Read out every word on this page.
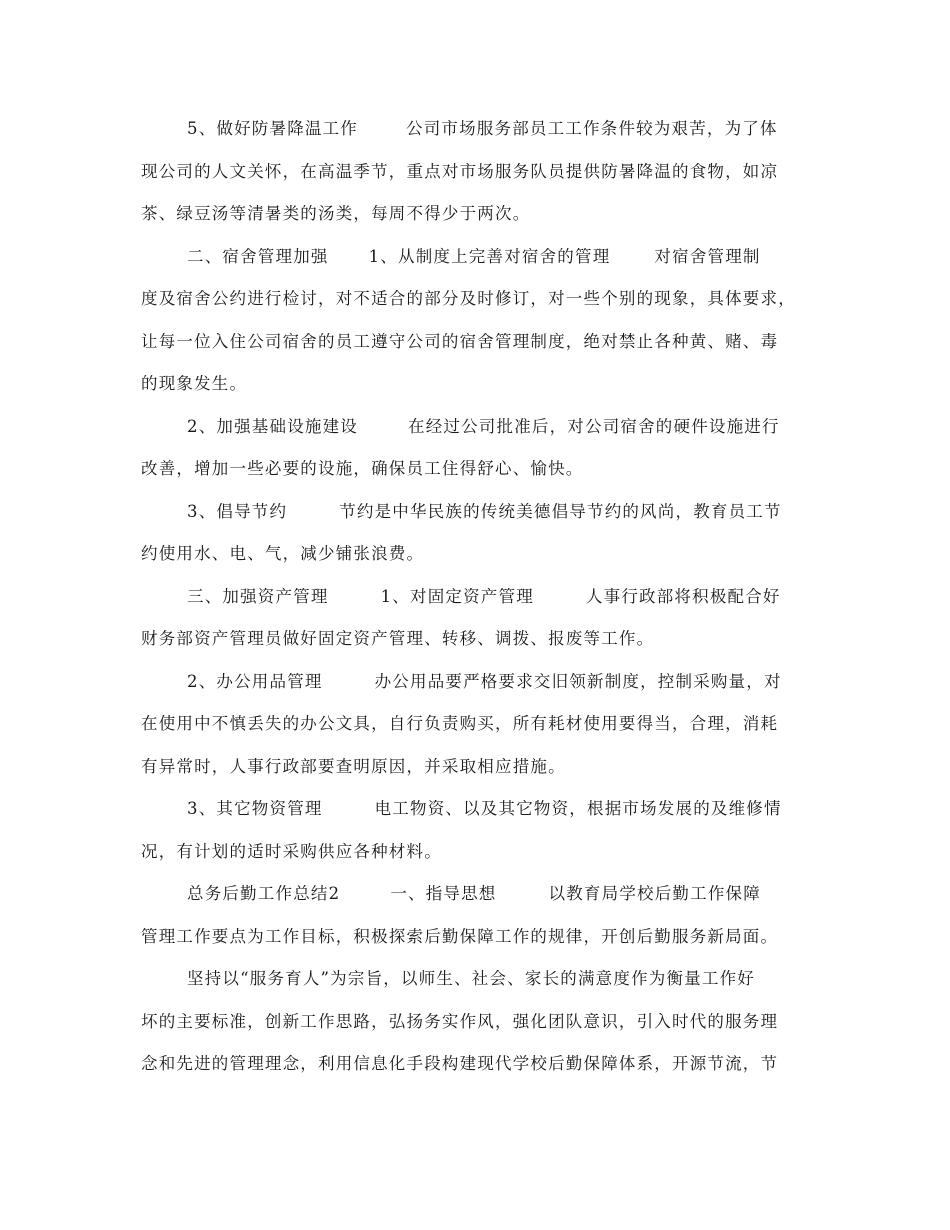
5、做好防暑降温工作	公司市场服务部员工工作条件较为艰苦，为了体
现公司的人文关怀，在高温季节，重点对市场服务队员提供防暑降温的食物，如凉
茶、绿豆汤等清暑类的汤类，每周不得少于两次。
二、宿舍管理加强 1、从制度上完善对宿舍的管理	对宿舍管理制
度及宿舍公约进行检讨，对不适合的部分及时修订，对一些个别的现象，具体要求，
让每一位入住公司宿舍的员工遵守公司的宿舍管理制度，绝对禁止各种黄、赌、毒
的现象发生。
2、加强基础设施建设	在经过公司批准后，对公司宿舍的硬件设施进行
改善，增加一些必要的设施，确保员工住得舒心、愉快。
3、倡导节约	节约是中华民族的传统美德倡导节约的风尚，教育员工节
约使用水、电、气，减少铺张浪费。
三、加强资产管理	1、对固定资产管理	人事行政部将积极配合好
财务部资产管理员做好固定资产管理、转移、调拨、报废等工作。
2、办公用品管理	办公用品要严格要求交旧领新制度，控制采购量，对
在使用中不慎丢失的办公文具，自行负责购买，所有耗材使用要得当，合理，消耗
有异常时，人事行政部要查明原因，并采取相应措施。
3、其它物资管理	电工物资、以及其它物资，根据市场发展的及维修情
况，有计划的适时采购供应各种材料。
总务后勤工作总结2	一、指导思想	以教育局学校后勤工作保障
管理工作要点为工作目标，积极探索后勤保障工作的规律，开创后勤服务新局面。
坚持以“服务育人”为宗旨，以师生、社会、家长的满意度作为衡量工作好
坏的主要标准，创新工作思路，弘扬务实作风，强化团队意识，引入时代的服务理
念和先进的管理理念，利用信息化手段构建现代学校后勤保障体系，开源节流，节
